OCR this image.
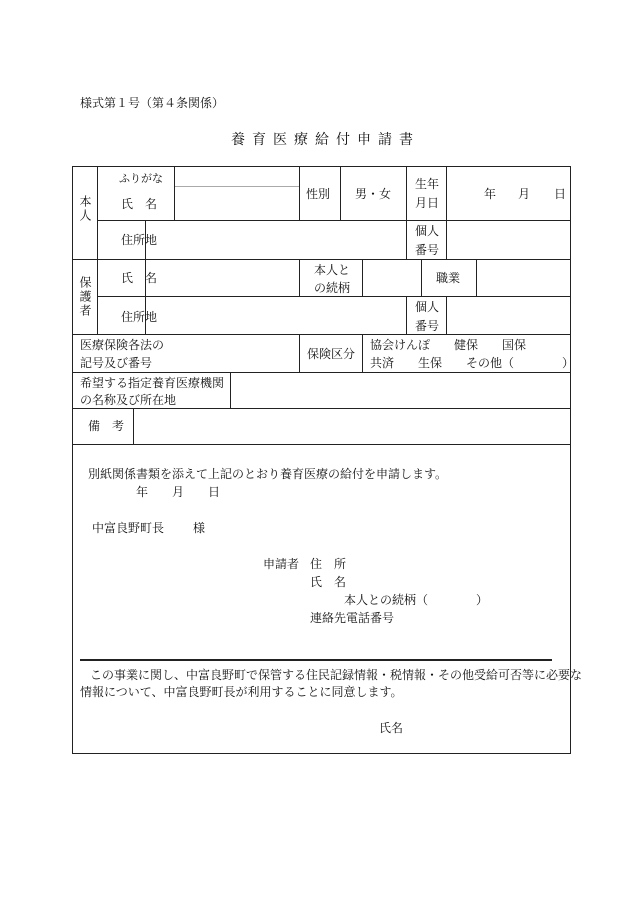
様式第１号（第４条関係）
養育医療給付申請書
本人
ふりがな
氏　名
性別 男・女
生年
月日
年 月 日
住所地
個人
番号
保護者 氏　名
本人と
の続柄
職業
住所地
個人
番号
医療保険各法の
記号及び番号
保険区分
協会けんぽ　　健保　　国保
共済　　生保　　その他（　　　　）
希望する指定養育医療機関
の名称及び所在地
備　考
別紙関係書類を添えて上記のとおり養育医療の給付を申請します。
年　　月　　日
中富良野町長 様
申請者 住　所
氏　名
本人との続柄（　　　　）
連絡先電話番号
この事業に関し、中富良野町で保管する住民記録情報・税情報・その他受給可否等に必要な
情報について、中富良野町長が利用することに同意します。
氏名
